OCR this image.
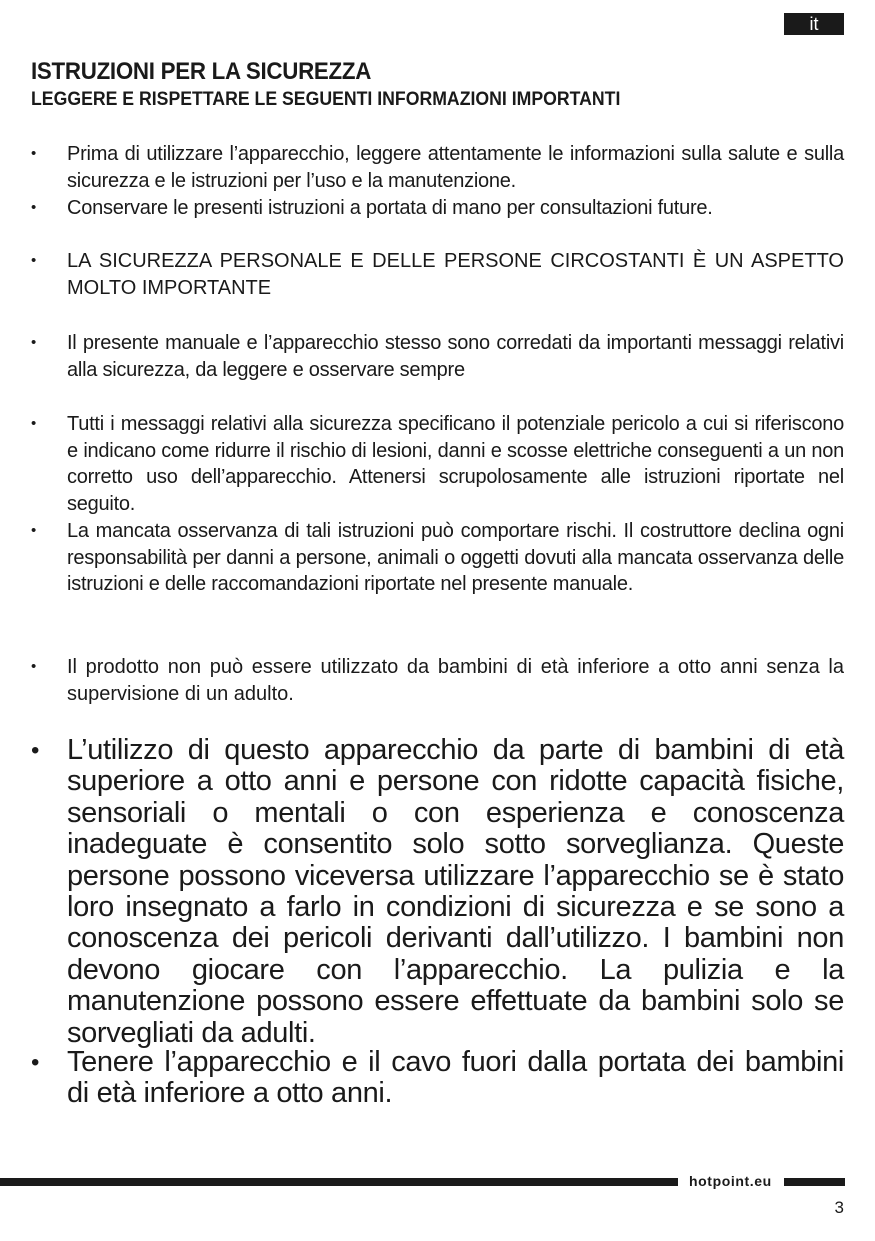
it
ISTRUZIONI PER LA SICUREZZA
LEGGERE E RISPETTARE LE SEGUENTI INFORMAZIONI IMPORTANTI
• Prima di utilizzare l’apparecchio, leggere attentamente le informazioni sulla salute e sulla sicurezza e le istruzioni per l’uso e la manutenzione.
• Conservare le presenti istruzioni a portata di mano per consultazioni future.
• LA SICUREZZA PERSONALE E DELLE PERSONE CIRCOSTANTI È UN ASPETTO MOLTO IMPORTANTE
• Il presente manuale e l’apparecchio stesso sono corredati da importanti messaggi relativi alla sicurezza, da leggere e osservare sempre
• Tutti i messaggi relativi alla sicurezza specificano il potenziale pericolo a cui si riferiscono e indicano come ridurre il rischio di lesioni, danni e scosse elettriche conseguenti a un non corretto uso dell’apparecchio. Attenersi scrupolosamente alle istruzioni riportate nel seguito.
• La mancata osservanza di tali istruzioni può comportare rischi. Il costruttore declina ogni responsabilità per danni a persone, animali o oggetti dovuti alla mancata osservanza delle istruzioni e delle raccomandazioni riportate nel presente manuale.
• Il prodotto non può essere utilizzato da bambini di età inferiore a otto anni senza la supervisione di un adulto.
• L’utilizzo di questo apparecchio da parte di bambini di età superiore a otto anni e persone con ridotte capacità fisiche, sensoriali o mentali o con esperienza e conoscenza inadeguate è consentito solo sotto sorveglianza. Queste persone possono viceversa utilizzare l’apparecchio se è stato loro insegnato a farlo in condizioni di sicurezza e se sono a conoscenza dei pericoli derivanti dall’utilizzo. I bambini non devono giocare con l’apparecchio. La pulizia e la manutenzione possono essere effettuate da bambini solo se sorvegliati da adulti.
• Tenere l’apparecchio e il cavo fuori dalla portata dei bambini di età inferiore a otto anni.
hotpoint.eu
3
